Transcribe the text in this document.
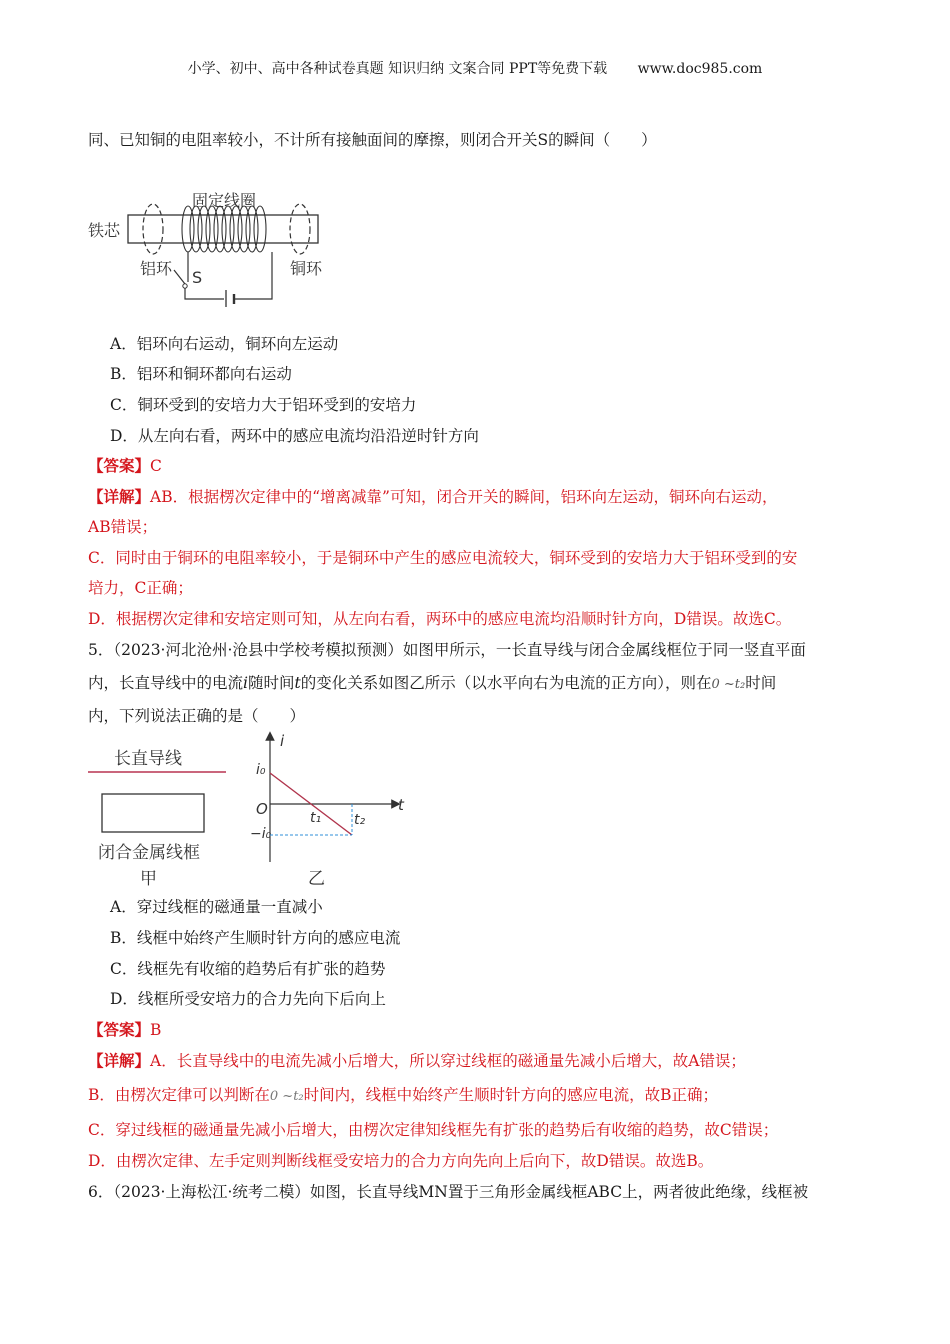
小学、初中、高中各种试卷真题 知识归纳 文案合同 PPT等免费下载 www.doc985.com
同、已知铜的电阻率较小，不计所有接触面间的摩擦，则闭合开关S的瞬间（　　）
铁芯
固定线圈
铝环	铜环
S
A．铝环向右运动，铜环向左运动
B．铝环和铜环都向右运动
C．铜环受到的安培力大于铝环受到的安培力
D．从左向右看，两环中的感应电流均沿沿逆时针方向
【答案】C
【详解】AB．根据楞次定律中的“增离减靠”可知，闭合开关的瞬间，铝环向左运动，铜环向右运动，
AB错误；
C．同时由于铜环的电阻率较小，于是铜环中产生的感应电流较大，铜环受到的安培力大于铝环受到的安
培力，C正确；
D．根据楞次定律和安培定则可知，从左向右看，两环中的感应电流均沿顺时针方向，D错误。故选C。
5．（2023·河北沧州·沧县中学校考模拟预测）如图甲所示，一长直导线与闭合金属线框位于同一竖直平面
内，长直导线中的电流i随时间t的变化关系如图乙所示（以水平向右为电流的正方向），则在0 ~t₂时间
内，下列说法正确的是（　　）
长直导线
闭合金属线框
甲
i
t
O
i₀
−i₀
t₁ t₂
乙
A．穿过线框的磁通量一直减小
B．线框中始终产生顺时针方向的感应电流
C．线框先有收缩的趋势后有扩张的趋势
D．线框所受安培力的合力先向下后向上
【答案】B
【详解】A．长直导线中的电流先减小后增大，所以穿过线框的磁通量先减小后增大，故A错误；
B．由楞次定律可以判断在0 ~t₂时间内，线框中始终产生顺时针方向的感应电流，故B正确；
C．穿过线框的磁通量先减小后增大，由楞次定律知线框先有扩张的趋势后有收缩的趋势，故C错误；
D．由楞次定律、左手定则判断线框受安培力的合力方向先向上后向下，故D错误。故选B。
6．（2023·上海松江·统考二模）如图，长直导线MN置于三角形金属线框ABC上，两者彼此绝缘，线框被
